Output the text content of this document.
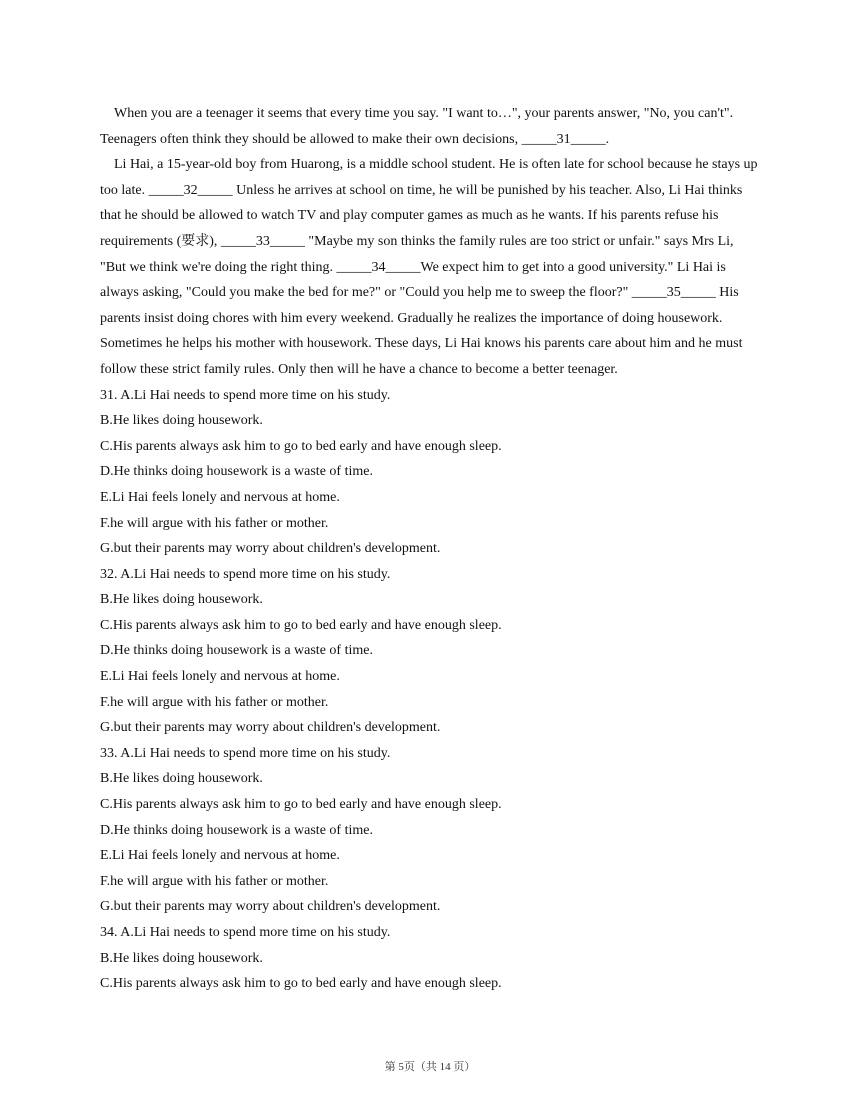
When you are a teenager it seems that every time you say. "I want to…", your parents answer, "No, you can't". Teenagers often think they should be allowed to make their own decisions, _____31_____.

Li Hai, a 15-year-old boy from Huarong, is a middle school student. He is often late for school because he stays up too late. _____32_____ Unless he arrives at school on time, he will be punished by his teacher. Also, Li Hai thinks that he should be allowed to watch TV and play computer games as much as he wants. If his parents refuse his requirements (要求), _____33_____ "Maybe my son thinks the family rules are too strict or unfair." says Mrs Li, "But we think we're doing the right thing. _____34_____We expect him to get into a good university." Li Hai is always asking, "Could you make the bed for me?" or "Could you help me to sweep the floor?" _____35_____ His parents insist doing chores with him every weekend. Gradually he realizes the importance of doing housework. Sometimes he helps his mother with housework. These days, Li Hai knows his parents care about him and he must follow these strict family rules. Only then will he have a chance to become a better teenager.

31. A.Li Hai needs to spend more time on his study.
B.He likes doing housework.
C.His parents always ask him to go to bed early and have enough sleep.
D.He thinks doing housework is a waste of time.
E.Li Hai feels lonely and nervous at home.
F.he will argue with his father or mother.
G.but their parents may worry about children's development.
32. A.Li Hai needs to spend more time on his study.
B.He likes doing housework.
C.His parents always ask him to go to bed early and have enough sleep.
D.He thinks doing housework is a waste of time.
E.Li Hai feels lonely and nervous at home.
F.he will argue with his father or mother.
G.but their parents may worry about children's development.
33. A.Li Hai needs to spend more time on his study.
B.He likes doing housework.
C.His parents always ask him to go to bed early and have enough sleep.
D.He thinks doing housework is a waste of time.
E.Li Hai feels lonely and nervous at home.
F.he will argue with his father or mother.
G.but their parents may worry about children's development.
34. A.Li Hai needs to spend more time on his study.
B.He likes doing housework.
C.His parents always ask him to go to bed early and have enough sleep.
第 5页（共 14 页）
